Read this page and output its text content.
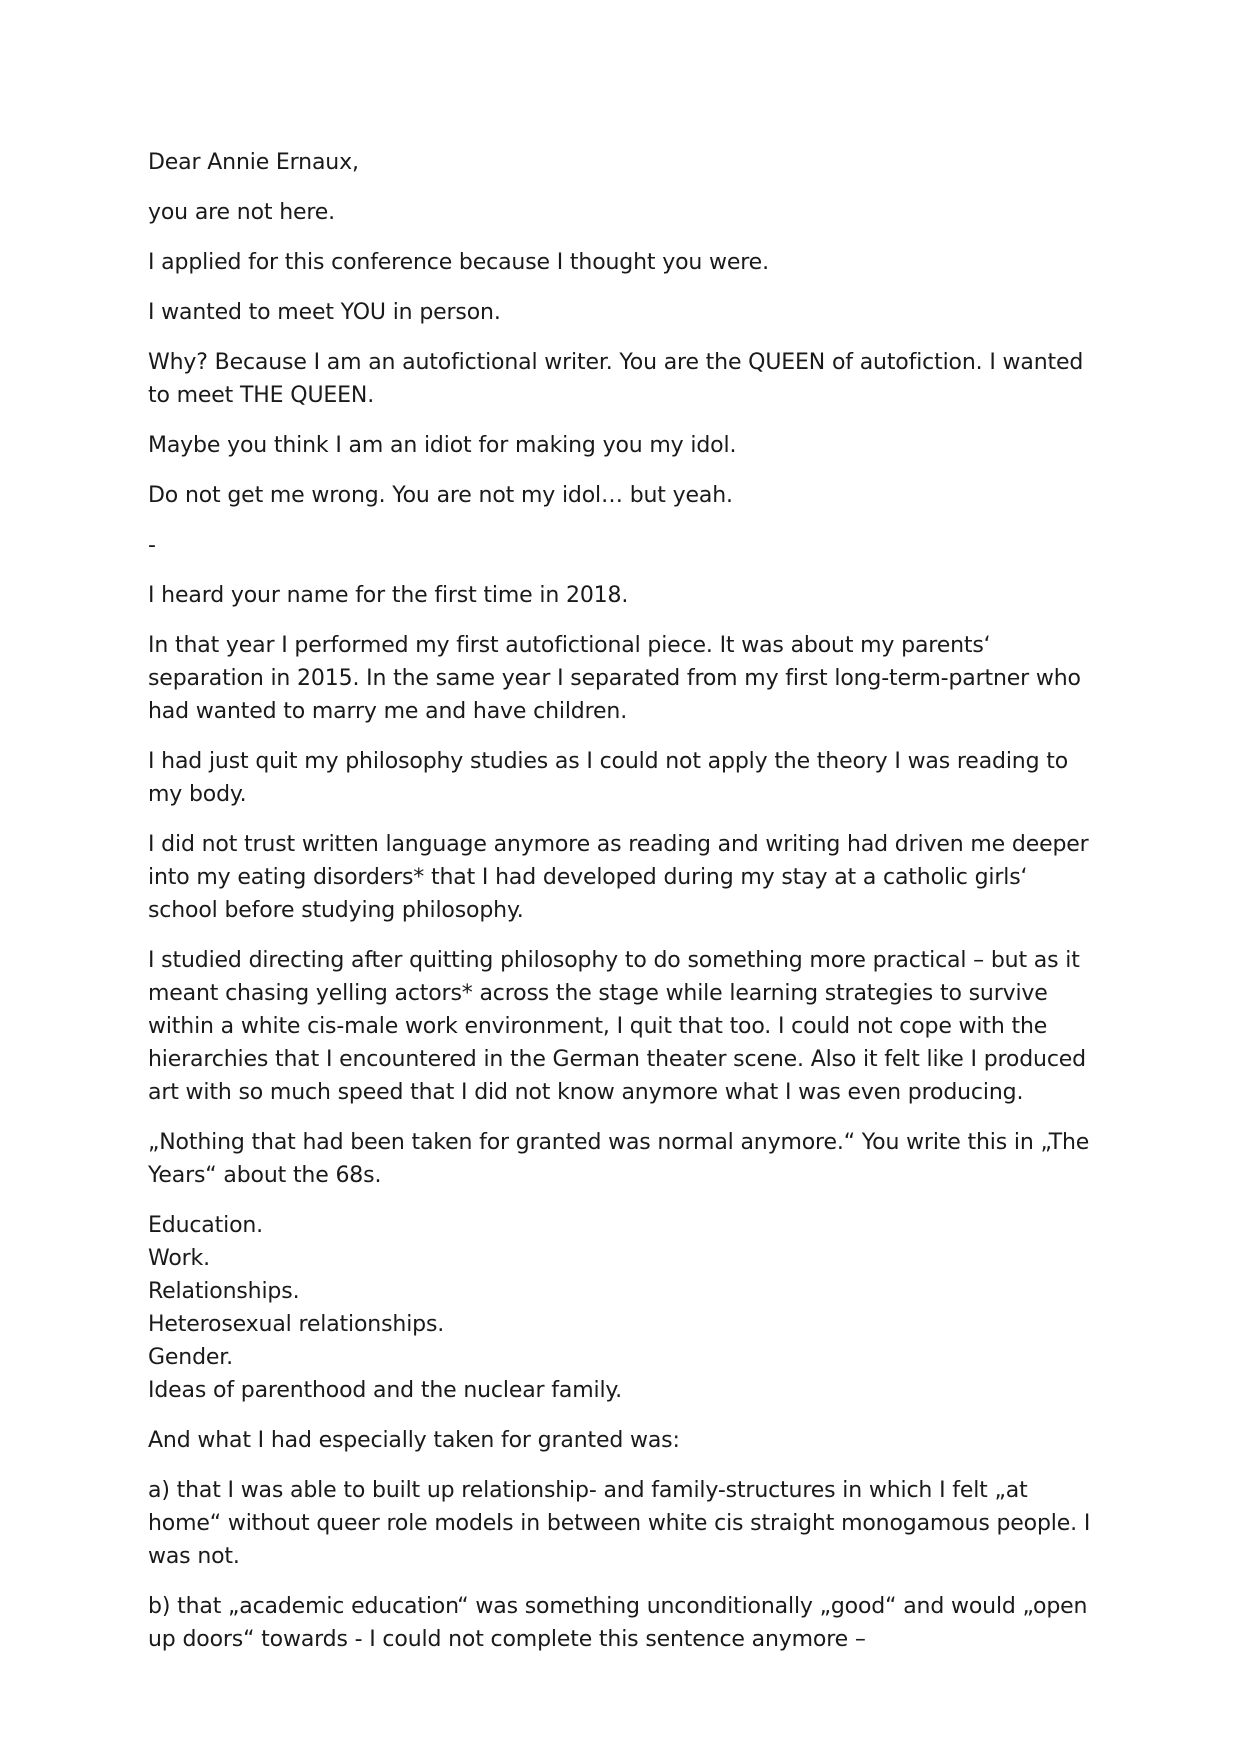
Dear Annie Ernaux,

you are not here.

I applied for this conference because I thought you were.

I wanted to meet YOU in person.

Why? Because I am an autofictional writer. You are the QUEEN of autofiction. I wanted to meet THE QUEEN.

Maybe you think I am an idiot for making you my idol.

Do not get me wrong. You are not my idol… but yeah.

-

I heard your name for the first time in 2018.

In that year I performed my first autofictional piece. It was about my parents‘ separation in 2015. In the same year I separated from my first long-term-partner who had wanted to marry me and have children.

I had just quit my philosophy studies as I could not apply the theory I was reading to my body.

I did not trust written language anymore as reading and writing had driven me deeper into my eating disorders* that I had developed during my stay at a catholic girls‘ school before studying philosophy.

I studied directing after quitting philosophy to do something more practical – but as it meant chasing yelling actors* across the stage while learning strategies to survive within a white cis-male work environment, I quit that too. I could not cope with the hierarchies that I encountered in the German theater scene. Also it felt like I produced art with so much speed that I did not know anymore what I was even producing.

„Nothing that had been taken for granted was normal anymore.“ You write this in „The Years“ about the 68s.

Education.
Work.
Relationships.
Heterosexual relationships.
Gender.
Ideas of parenthood and the nuclear family.

And what I had especially taken for granted was:

a) that I was able to built up relationship- and family-structures in which I felt „at home“ without queer role models in between white cis straight monogamous people. I was not.

b) that „academic education“ was something unconditionally „good“ and would „open up doors“ towards - I could not complete this sentence anymore –
